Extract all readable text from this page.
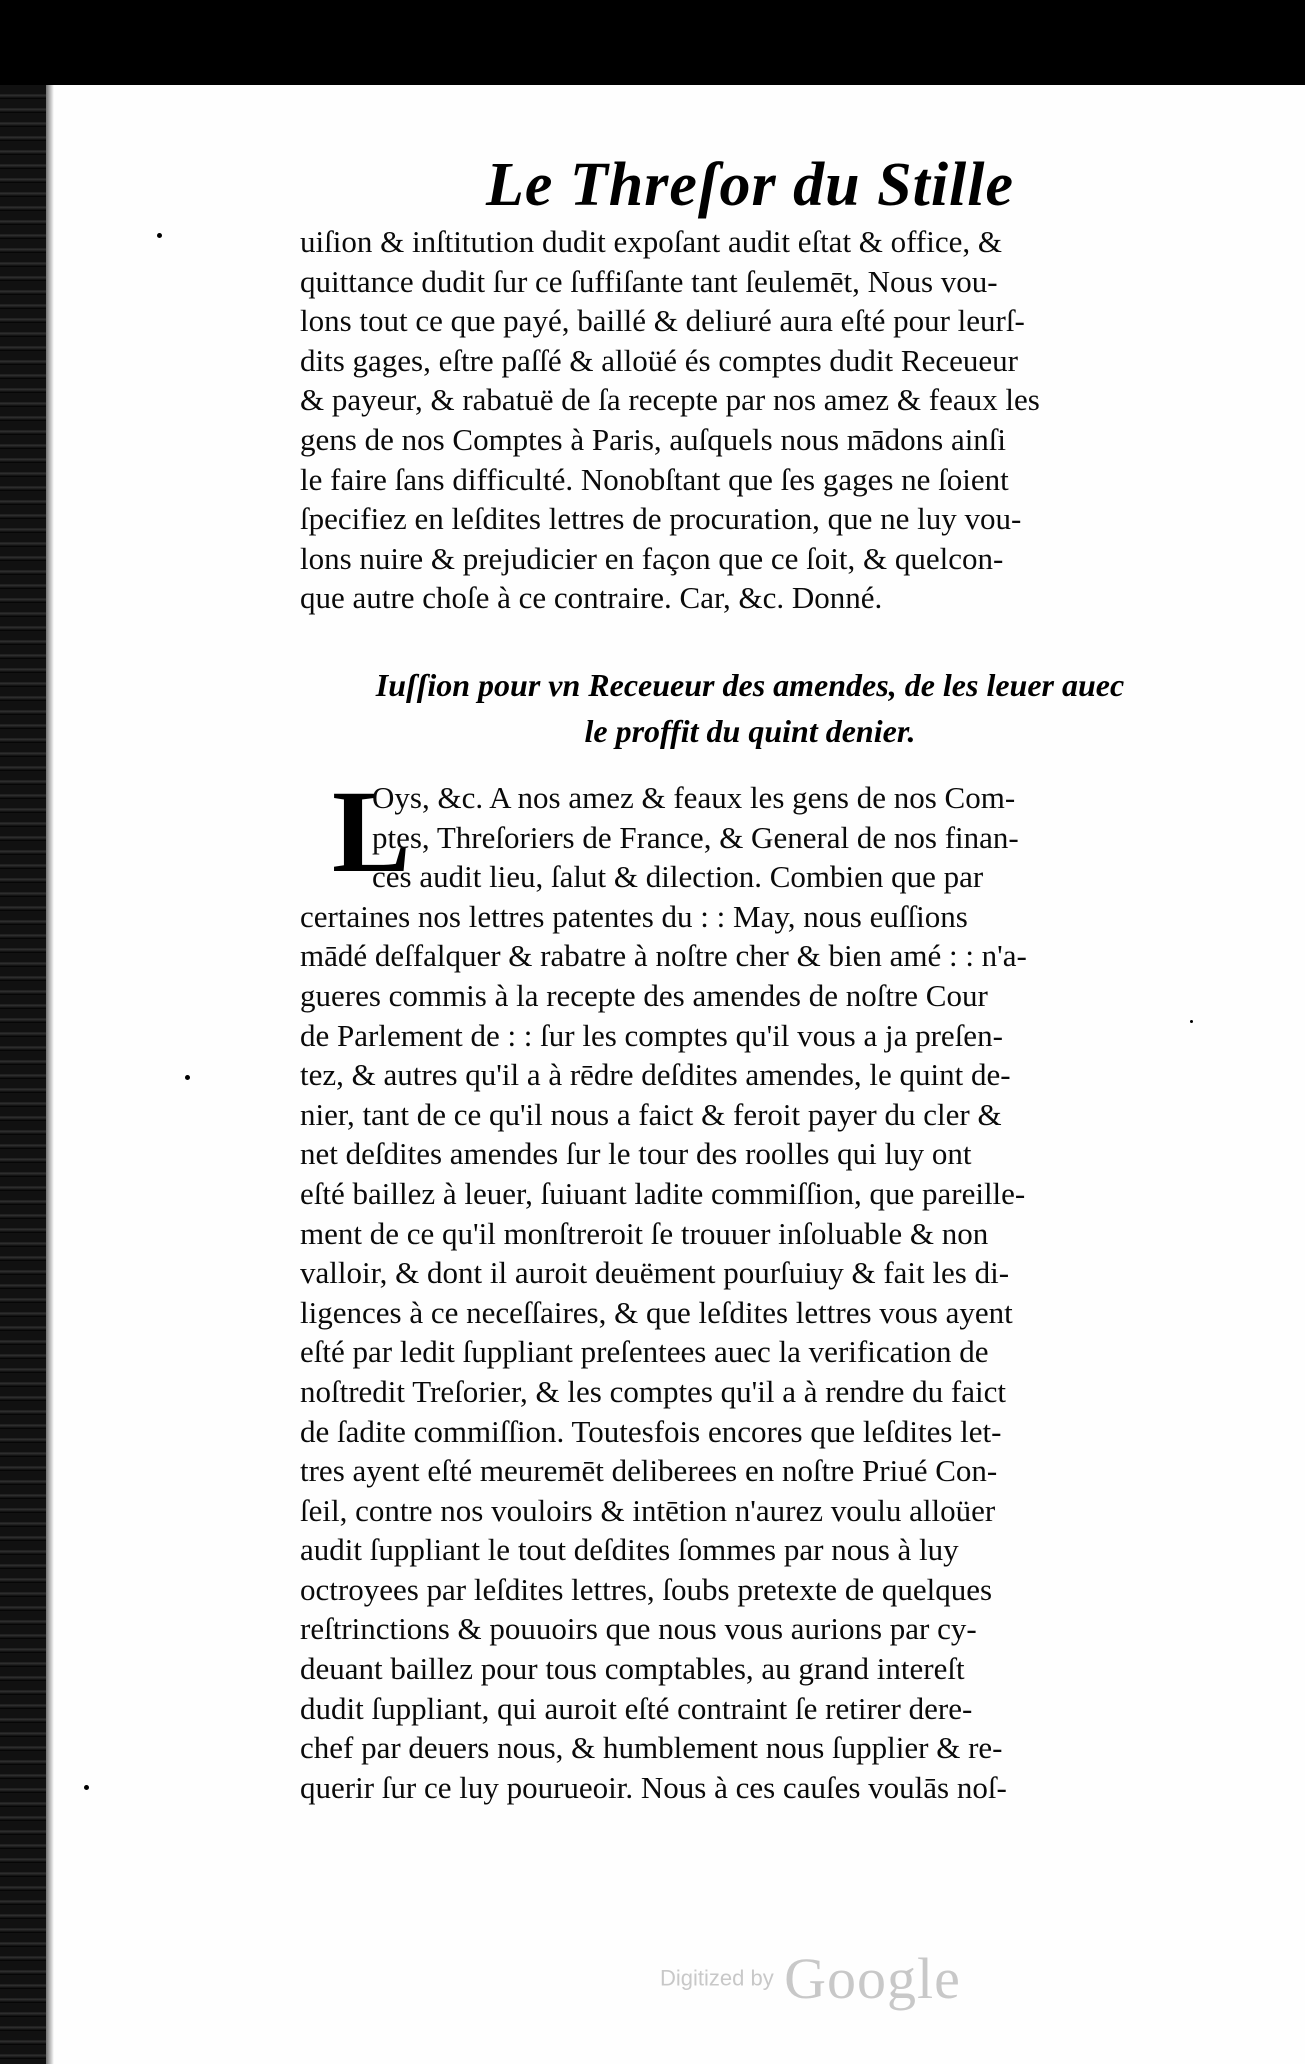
Le Threſor du Stille
uiſion & inſtitution dudit expoſant audit eſtat & office, &
quittance dudit ſur ce ſuffiſante tant ſeulemēt, Nous vou-
lons tout ce que payé, baillé & deliuré aura eſté pour leurſ-
dits gages, eſtre paſſé & alloüé és comptes dudit Receueur
& payeur, & rabatuë de ſa recepte par nos amez & feaux les
gens de nos Comptes à Paris, auſquels nous mādons ainſi
le faire ſans difficulté. Nonobſtant que ſes gages ne ſoient
ſpecifiez en leſdites lettres de procuration, que ne luy vou-
lons nuire & prejudicier en façon que ce ſoit, & quelcon-
que autre choſe à ce contraire. Car, &c. Donné.
Iuſſion pour vn Receueur des amendes, de les leuer auec
le proffit du quint denier.
L
Oys, &c. A nos amez & feaux les gens de nos Com-
ptes, Threſoriers de France, & General de nos finan-
ces audit lieu, ſalut & dilection. Combien que par
certaines nos lettres patentes du : : May, nous euſſions
mādé deſfalquer & rabatre à noſtre cher & bien amé : : n'a-
gueres commis à la recepte des amendes de noſtre Cour
de Parlement de : : ſur les comptes qu'il vous a ja preſen-
tez, & autres qu'il a à rēdre deſdites amendes, le quint de-
nier, tant de ce qu'il nous a faict & feroit payer du cler &
net deſdites amendes ſur le tour des roolles qui luy ont
eſté baillez à leuer, ſuiuant ladite commiſſion, que pareille-
ment de ce qu'il monſtreroit ſe trouuer inſoluable & non
valloir, & dont il auroit deuëment pourſuiuy & fait les di-
ligences à ce neceſſaires, & que leſdites lettres vous ayent
eſté par ledit ſuppliant preſentees auec la verification de
noſtredit Treſorier, & les comptes qu'il a à rendre du faict
de ſadite commiſſion. Toutesfois encores que leſdites let-
tres ayent eſté meuremēt deliberees en noſtre Priué Con-
ſeil, contre nos vouloirs & intētion n'aurez voulu alloüer
audit ſuppliant le tout deſdites ſommes par nous à luy
octroyees par leſdites lettres, ſoubs pretexte de quelques
reſtrinctions & pouuoirs que nous vous aurions par cy-
deuant baillez pour tous comptables, au grand intereſt
dudit ſuppliant, qui auroit eſté contraint ſe retirer dere-
chef par deuers nous, & humblement nous ſupplier & re-
querir ſur ce luy pourueoir. Nous à ces cauſes voulās noſ-
Digitized by Google
